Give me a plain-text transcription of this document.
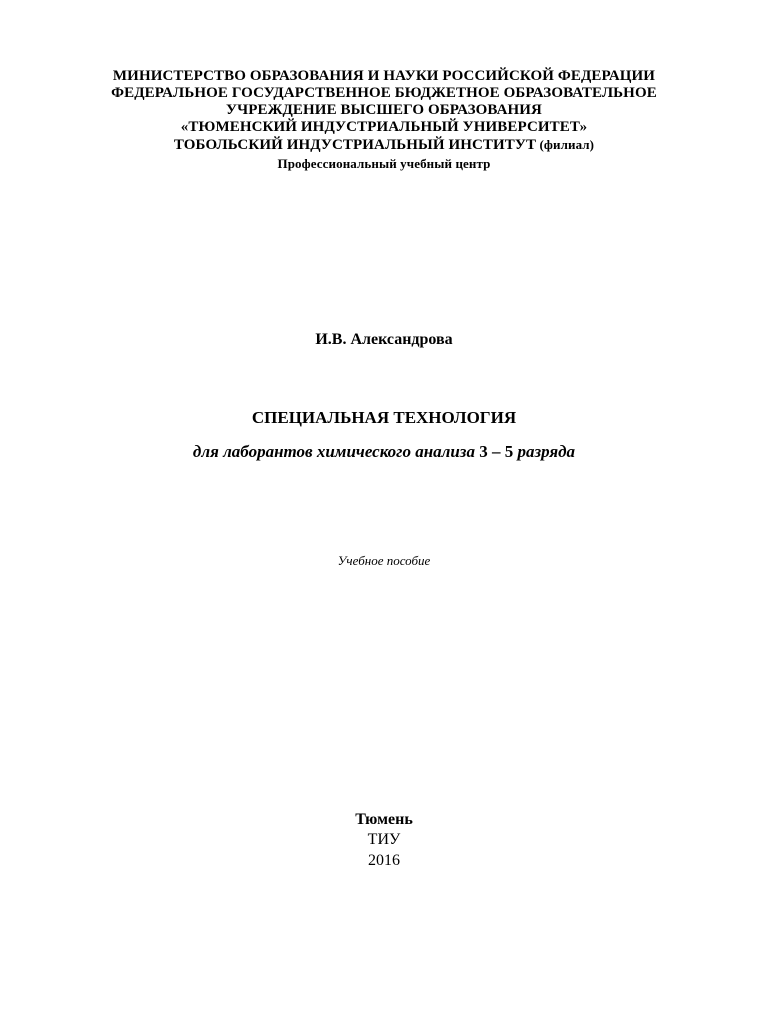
МИНИСТЕРСТВО ОБРАЗОВАНИЯ И НАУКИ РОССИЙСКОЙ ФЕДЕРАЦИИ
ФЕДЕРАЛЬНОЕ ГОСУДАРСТВЕННОЕ БЮДЖЕТНОЕ ОБРАЗОВАТЕЛЬНОЕ
УЧРЕЖДЕНИЕ ВЫСШЕГО ОБРАЗОВАНИЯ
«ТЮМЕНСКИЙ ИНДУСТРИАЛЬНЫЙ УНИВЕРСИТЕТ»
ТОБОЛЬСКИЙ ИНДУСТРИАЛЬНЫЙ ИНСТИТУТ (филиал)
Профессиональный учебный центр
И.В. Александрова
СПЕЦИАЛЬНАЯ ТЕХНОЛОГИЯ
для лаборантов химического анализа 3 – 5 разряда
Учебное пособие
Тюмень
ТИУ
2016
